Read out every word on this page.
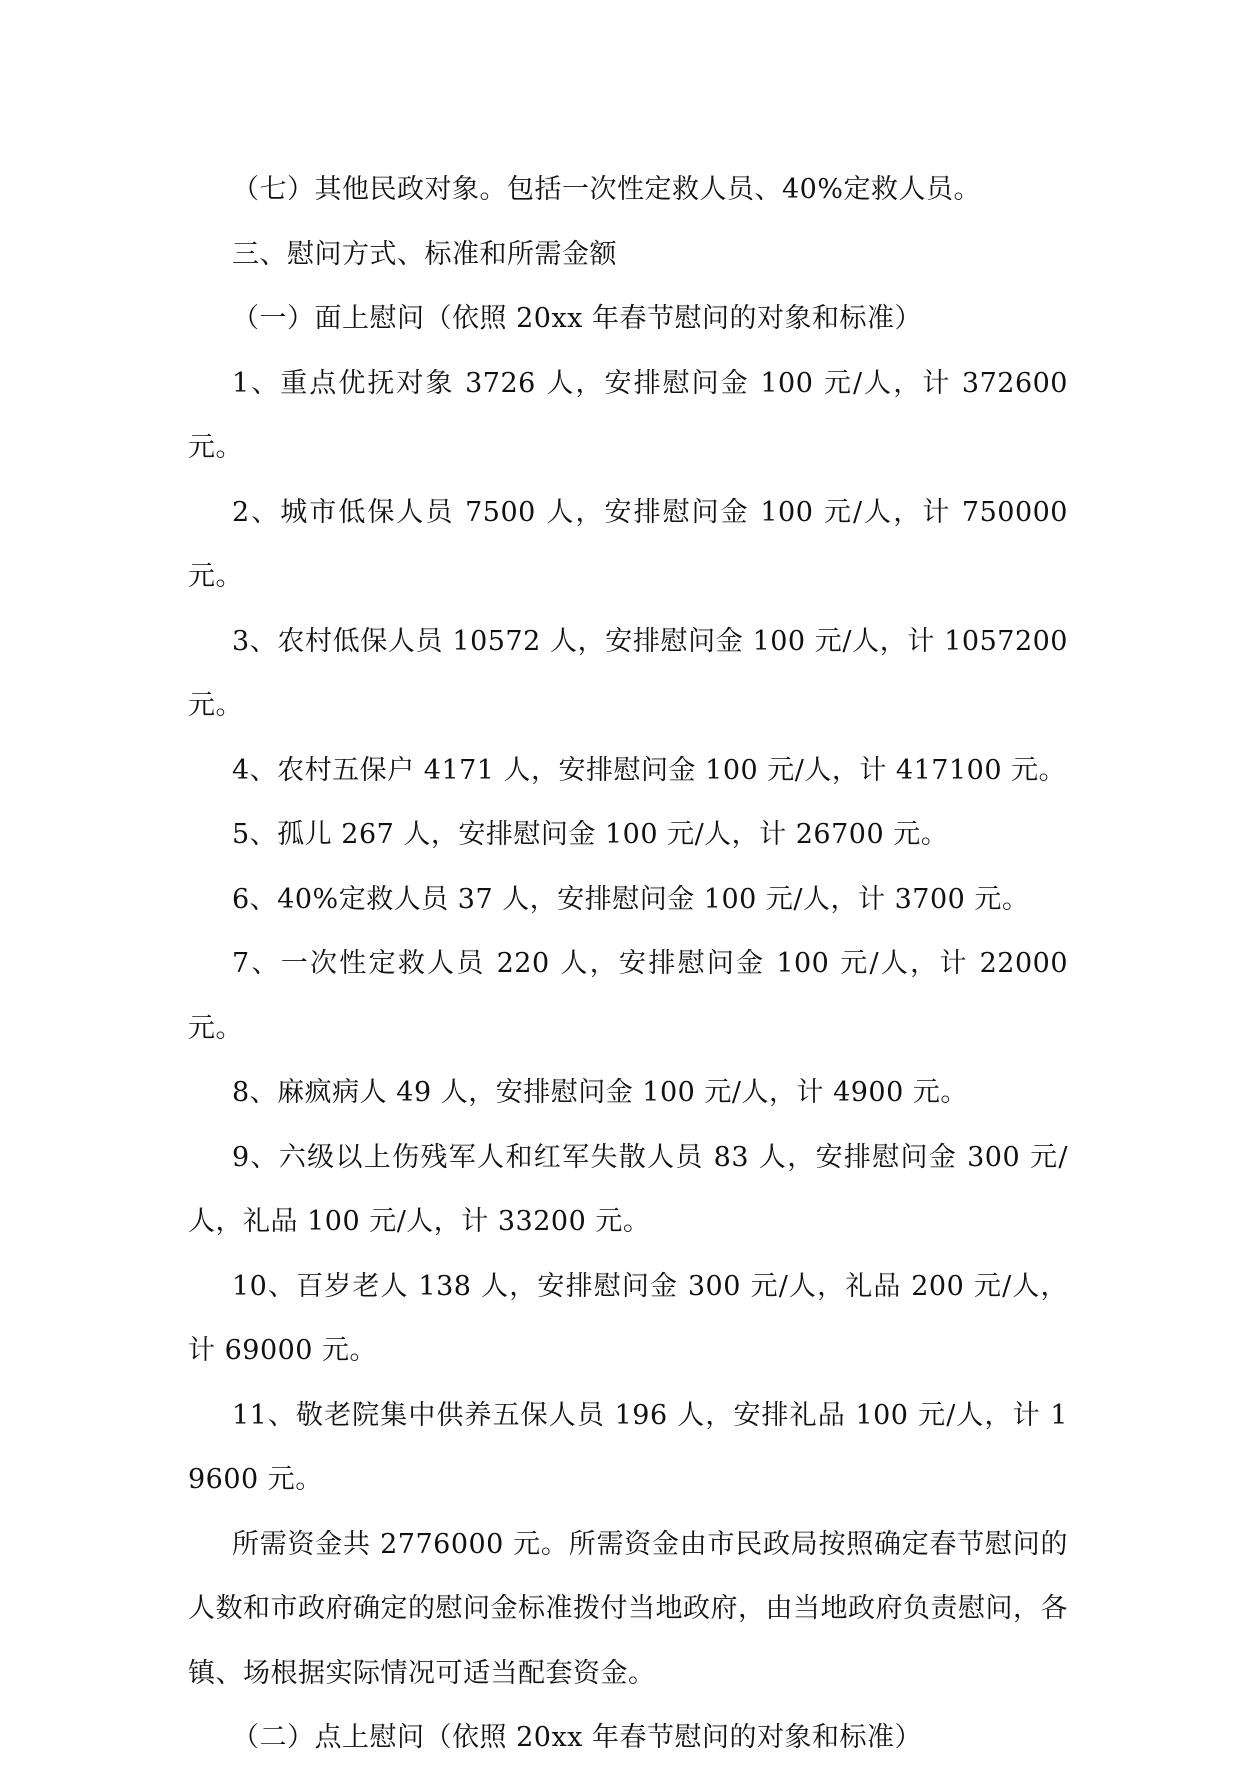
（七）其他民政对象。包括一次性定救人员、40%定救人员。

三、慰问方式、标准和所需金额

（一）面上慰问（依照 20xx 年春节慰问的对象和标准）

1、重点优抚对象 3726 人，安排慰问金 100 元/人，计 372600 元。

2、城市低保人员 7500 人，安排慰问金 100 元/人，计 750000 元。

3、农村低保人员 10572 人，安排慰问金 100 元/人，计 1057200 元。

4、农村五保户 4171 人，安排慰问金 100 元/人，计 417100 元。

5、孤儿 267 人，安排慰问金 100 元/人，计 26700 元。

6、40%定救人员 37 人，安排慰问金 100 元/人，计 3700 元。

7、一次性定救人员 220 人，安排慰问金 100 元/人，计 22000 元。

8、麻疯病人 49 人，安排慰问金 100 元/人，计 4900 元。

9、六级以上伤残军人和红军失散人员 83 人，安排慰问金 300 元/人，礼品 100 元/人，计 33200 元。

10、百岁老人 138 人，安排慰问金 300 元/人，礼品 200 元/人，计 69000 元。

11、敬老院集中供养五保人员 196 人，安排礼品 100 元/人，计 19600 元。

所需资金共 2776000 元。所需资金由市民政局按照确定春节慰问的人数和市政府确定的慰问金标准拨付当地政府，由当地政府负责慰问，各镇、场根据实际情况可适当配套资金。

（二）点上慰问（依照 20xx 年春节慰问的对象和标准）
